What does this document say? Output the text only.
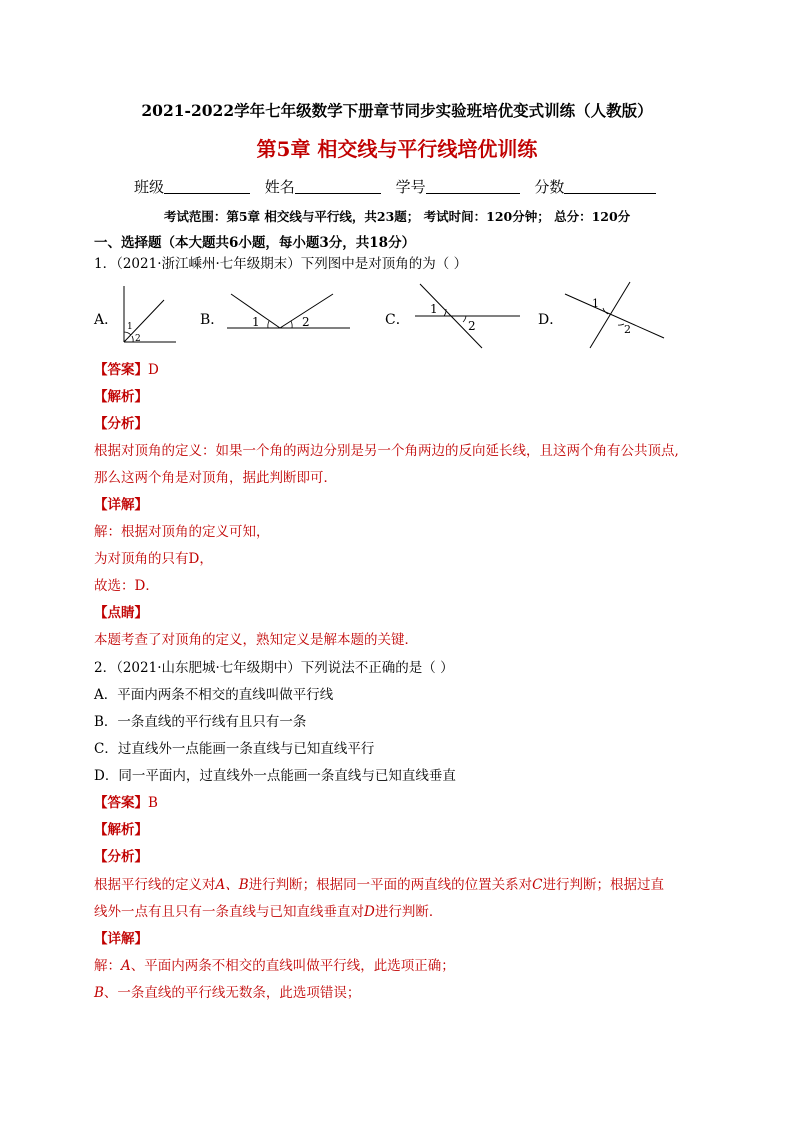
2021-2022学年七年级数学下册章节同步实验班培优变式训练（人教版）
第5章 相交线与平行线培优训练
班级	姓名	学号	分数
考试范围：第5章 相交线与平行线，共23题； 考试时间：120分钟； 总分：120分
一、选择题（本大题共6小题，每小题3分，共18分）
1．（2021·浙江嵊州·七年级期末）下列图中是对顶角的为（ ）
A． 1
2
B． 1	2	C．
1
2	D．
1
2
【答案】D
【解析】
【分析】
根据对顶角的定义：如果一个角的两边分别是另一个角两边的反向延长线，且这两个角有公共顶点,
那么这两个角是对顶角，据此判断即可．
【详解】
解：根据对顶角的定义可知，
为对顶角的只有D，
故选：D．
【点睛】
本题考查了对顶角的定义，熟知定义是解本题的关键．
2．（2021·山东肥城·七年级期中）下列说法不正确的是（ ）
A．平面内两条不相交的直线叫做平行线
B．一条直线的平行线有且只有一条
C．过直线外一点能画一条直线与已知直线平行
D．同一平面内，过直线外一点能画一条直线与已知直线垂直
【答案】B
【解析】
【分析】
根据平行线的定义对A、B进行判断；根据同一平面的两直线的位置关系对C进行判断；根据过直
线外一点有且只有一条直线与已知直线垂直对D进行判断．
【详解】
解：A、平面内两条不相交的直线叫做平行线，此选项正确；
B、一条直线的平行线无数条，此选项错误；
